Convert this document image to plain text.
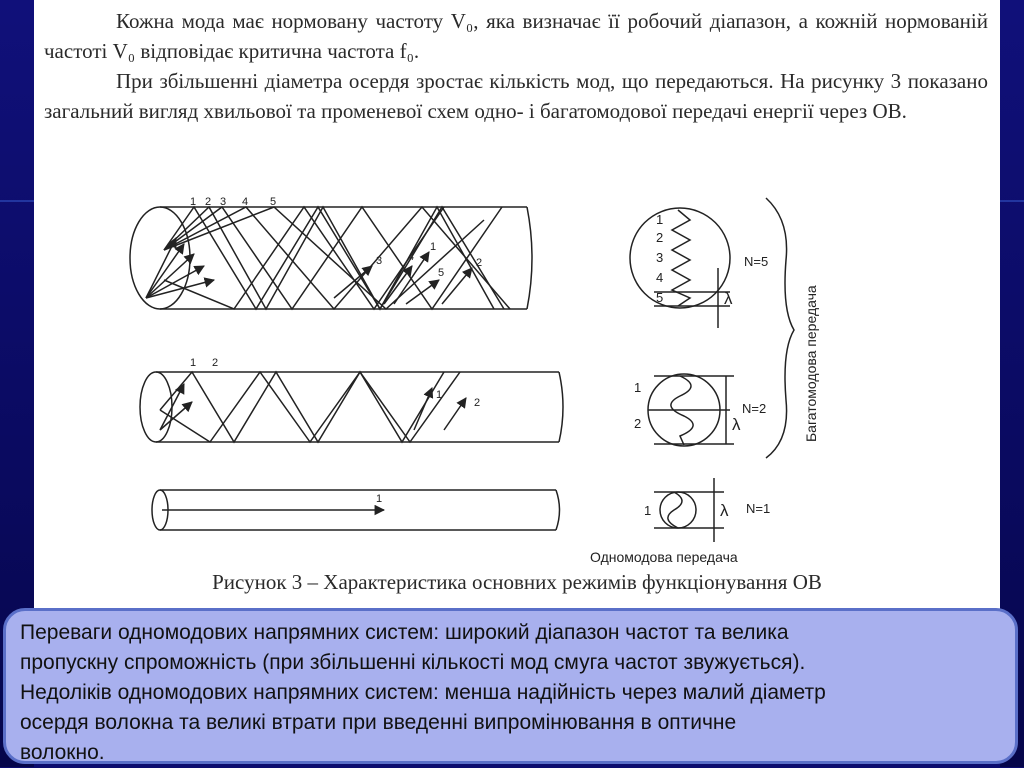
Кожна мода має нормовану частоту V₀, яка визначає її робочий діапазон, а кожній нормованій частоті V₀ відповідає критична частота f₀.

При збільшенні діаметра осердя зростає кількість мод, що передаються. На рисунку 3 показано загальний вигляд хвильової та променевої схем одно- і багатомодової передачі енергії через ОВ.

1 2 3 4 5
3 4
1
5
2
1 2
1
2
1
1
2
3
4
5	λ
N=5
1
2	λ
N=2
1	λ N=1
Багатомодова передача
Одномодова передача
Рисунок 3 – Характеристика основних режимів функціонування ОВ

Переваги одномодових напрямних систем: широкий діапазон частот та велика

пропускну спроможність (при збільшенні кількості мод смуга частот звужується).

Недоліків одномодових напрямних систем: менша надійність через малий діаметр

осердя волокна та великі втрати при введенні випромінювання в оптичне

волокно.
